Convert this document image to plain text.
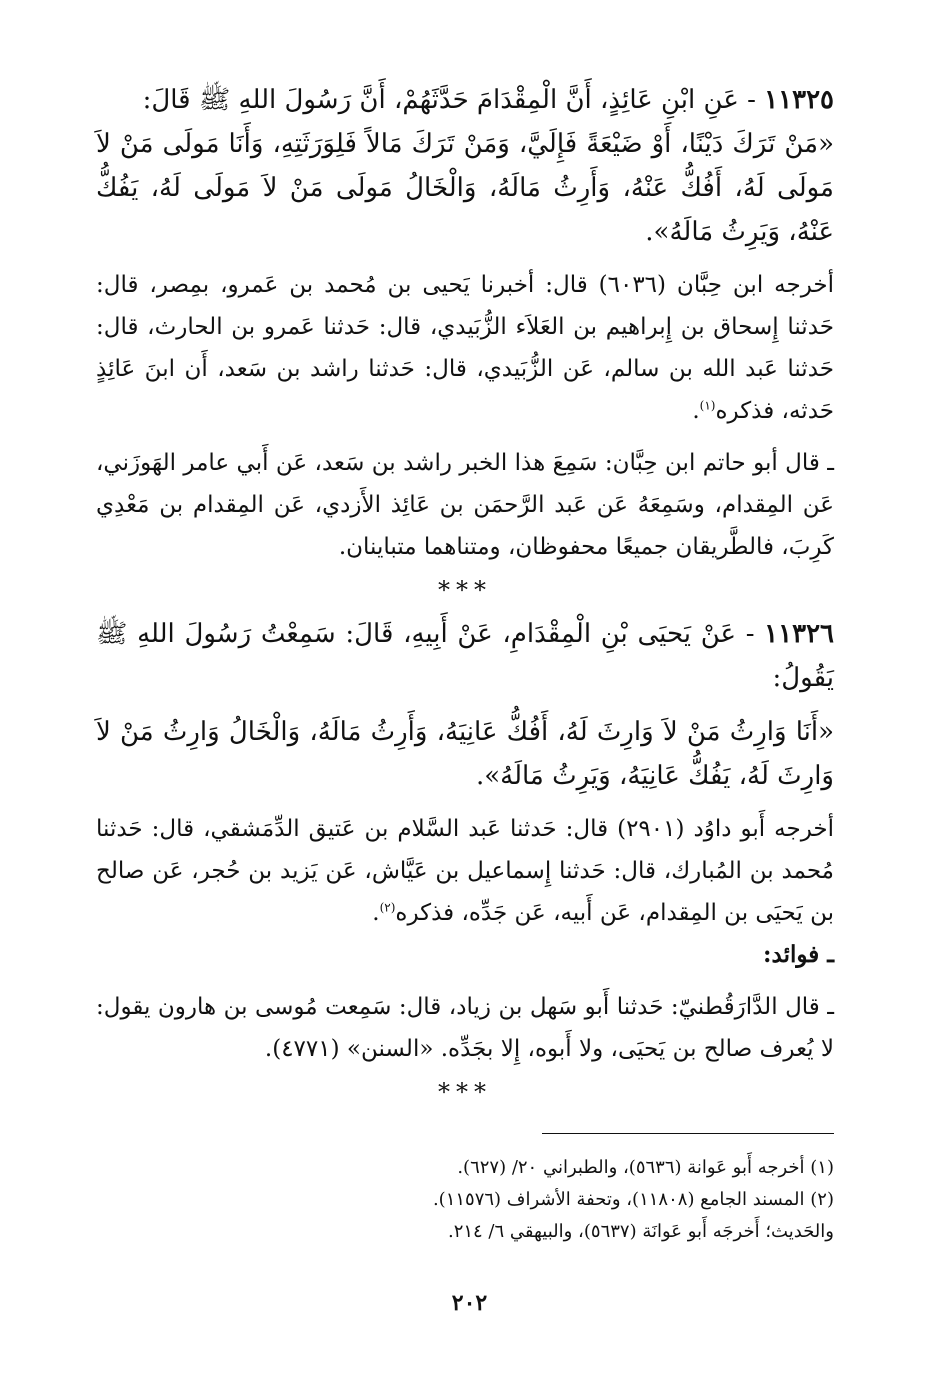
١١٣٢٥ - عَنِ ابْنِ عَائِذٍ، أَنَّ الْمِقْدَامَ حَدَّثَهُمْ، أَنَّ رَسُولَ اللهِ ﷺ قَالَ:

«مَنْ تَرَكَ دَيْنًا، أَوْ ضَيْعَةً فَإِلَيَّ، وَمَنْ تَرَكَ مَالاً فَلِوَرَثَتِهِ، وَأَنَا مَولَى مَنْ لاَ مَولَى لَهُ، أَفُكُّ عَنْهُ، وَأَرِثُ مَالَهُ، وَالْخَالُ مَولَى مَنْ لاَ مَولَى لَهُ، يَفُكُّ عَنْهُ، وَيَرِثُ مَالَهُ».

أخرجه ابن حِبَّان (٦٠٣٦) قال: أخبرنا يَحيى بن مُحمد بن عَمرو، بمِصر، قال: حَدثنا إِسحاق بن إِبراهيم بن العَلاَء الزُّبَيدي، قال: حَدثنا عَمرو بن الحارث، قال: حَدثنا عَبد الله بن سالم، عَن الزُّبَيدي، قال: حَدثنا راشد بن سَعد، أَن ابنَ عَائِذٍ حَدثه، فذكره$^{(١)}$.

ـ قال أبو حاتم ابن حِبَّان: سَمِعَ هذا الخبر راشد بن سَعد، عَن أَبي عامر الهَوزَني، عَن المِقدام، وسَمِعَهُ عَن عَبد الرَّحمَن بن عَائِذ الأَزدي، عَن المِقدام بن مَعْدِي كَرِبَ، فالطَّريقان جميعًا محفوظان، ومتناهما متباينان.

***

١١٣٢٦ - عَنْ يَحيَى بْنِ الْمِقْدَامِ، عَنْ أَبِيهِ، قَالَ: سَمِعْتُ رَسُولَ اللهِ ﷺ يَقُولُ:

«أَنَا وَارِثُ مَنْ لاَ وَارِثَ لَهُ، أَفُكُّ عَانِيَهُ، وَأَرِثُ مَالَهُ، وَالْخَالُ وَارِثُ مَنْ لاَ وَارِثَ لَهُ، يَفُكُّ عَانِيَهُ، وَيَرِثُ مَالَهُ».

أخرجه أَبو داوُد (٢٩٠١) قال: حَدثنا عَبد السَّلام بن عَتيق الدِّمَشقي، قال: حَدثنا مُحمد بن المُبارك، قال: حَدثنا إِسماعيل بن عَيَّاش، عَن يَزيد بن حُجر، عَن صالح بن يَحيَى بن المِقدام، عَن أَبيه، عَن جَدِّه، فذكره$^{(٢)}$.

ـ فوائد:

ـ قال الدَّارَقُطنيّ: حَدثنا أَبو سَهل بن زياد، قال: سَمِعت مُوسى بن هارون يقول: لا يُعرف صالح بن يَحيَى، ولا أَبوه، إِلا بجَدِّه. «السنن» (٤٧٧١).

***

(١) أخرجه أَبو عَوانة (٥٦٣٦)، والطبراني ٢٠/ (٦٢٧).

(٢) المسند الجامع (١١٨٠٨)، وتحفة الأشراف (١١٥٧٦).

والحَديث؛ أَخرجَه أَبو عَوانَة (٥٦٣٧)، والبيهقي ٦/ ٢١٤.

٢٠٢
